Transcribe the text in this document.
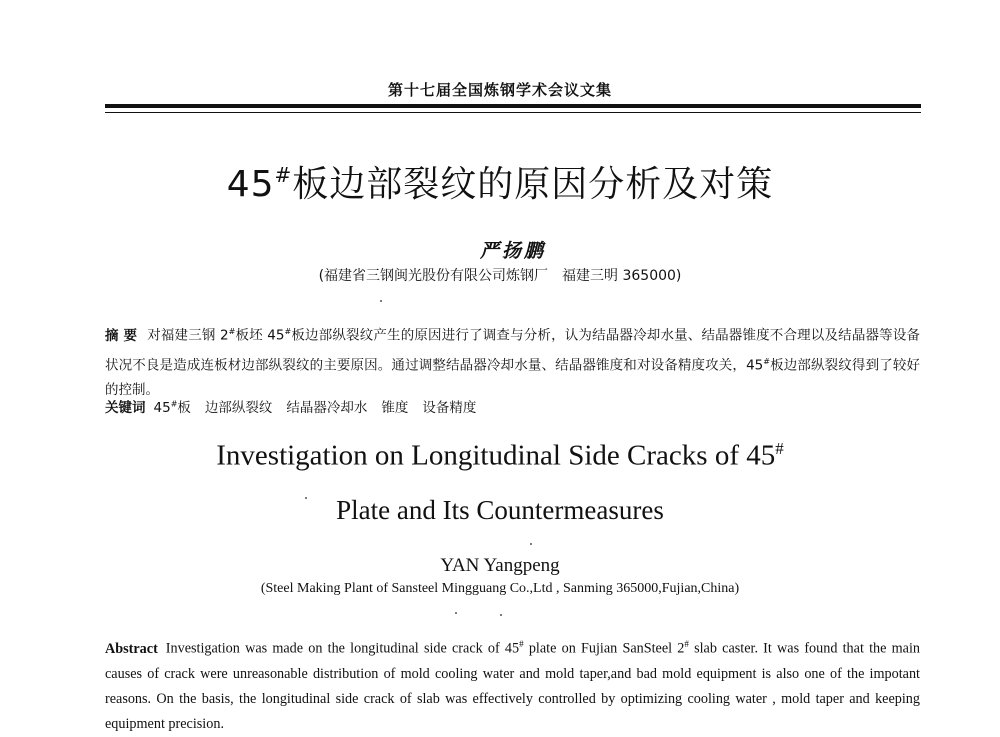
第十七届全国炼钢学术会议文集
45#板边部裂纹的原因分析及对策
严扬鹏
(福建省三钢闽光股份有限公司炼钢厂　福建三明 365000)
摘 要 对福建三钢 2#板坯 45#板边部纵裂纹产生的原因进行了调查与分析，认为结晶器冷却水量、结晶器锥度不合理以及结晶器等设备状况不良是造成连板材边部纵裂纹的主要原因。通过调整结晶器冷却水量、结晶器锥度和对设备精度攻关，45#板边部纵裂纹得到了较好的控制。
关键词 45#板 边部纵裂纹 结晶器冷却水 锥度 设备精度
Investigation on Longitudinal Side Cracks of 45#
Plate and Its Countermeasures
YAN Yangpeng
(Steel Making Plant of Sansteel Mingguang Co.,Ltd , Sanming 365000,Fujian,China)
Abstract Investigation was made on the longitudinal side crack of 45# plate on Fujian SanSteel 2# slab caster. It was found that the main causes of crack were unreasonable distribution of mold cooling water and mold taper,and bad mold equipment is also one of the impotant reasons. On the basis, the longitudinal side crack of slab was effectively controlled by optimizing cooling water , mold taper and keeping equipment precision.
